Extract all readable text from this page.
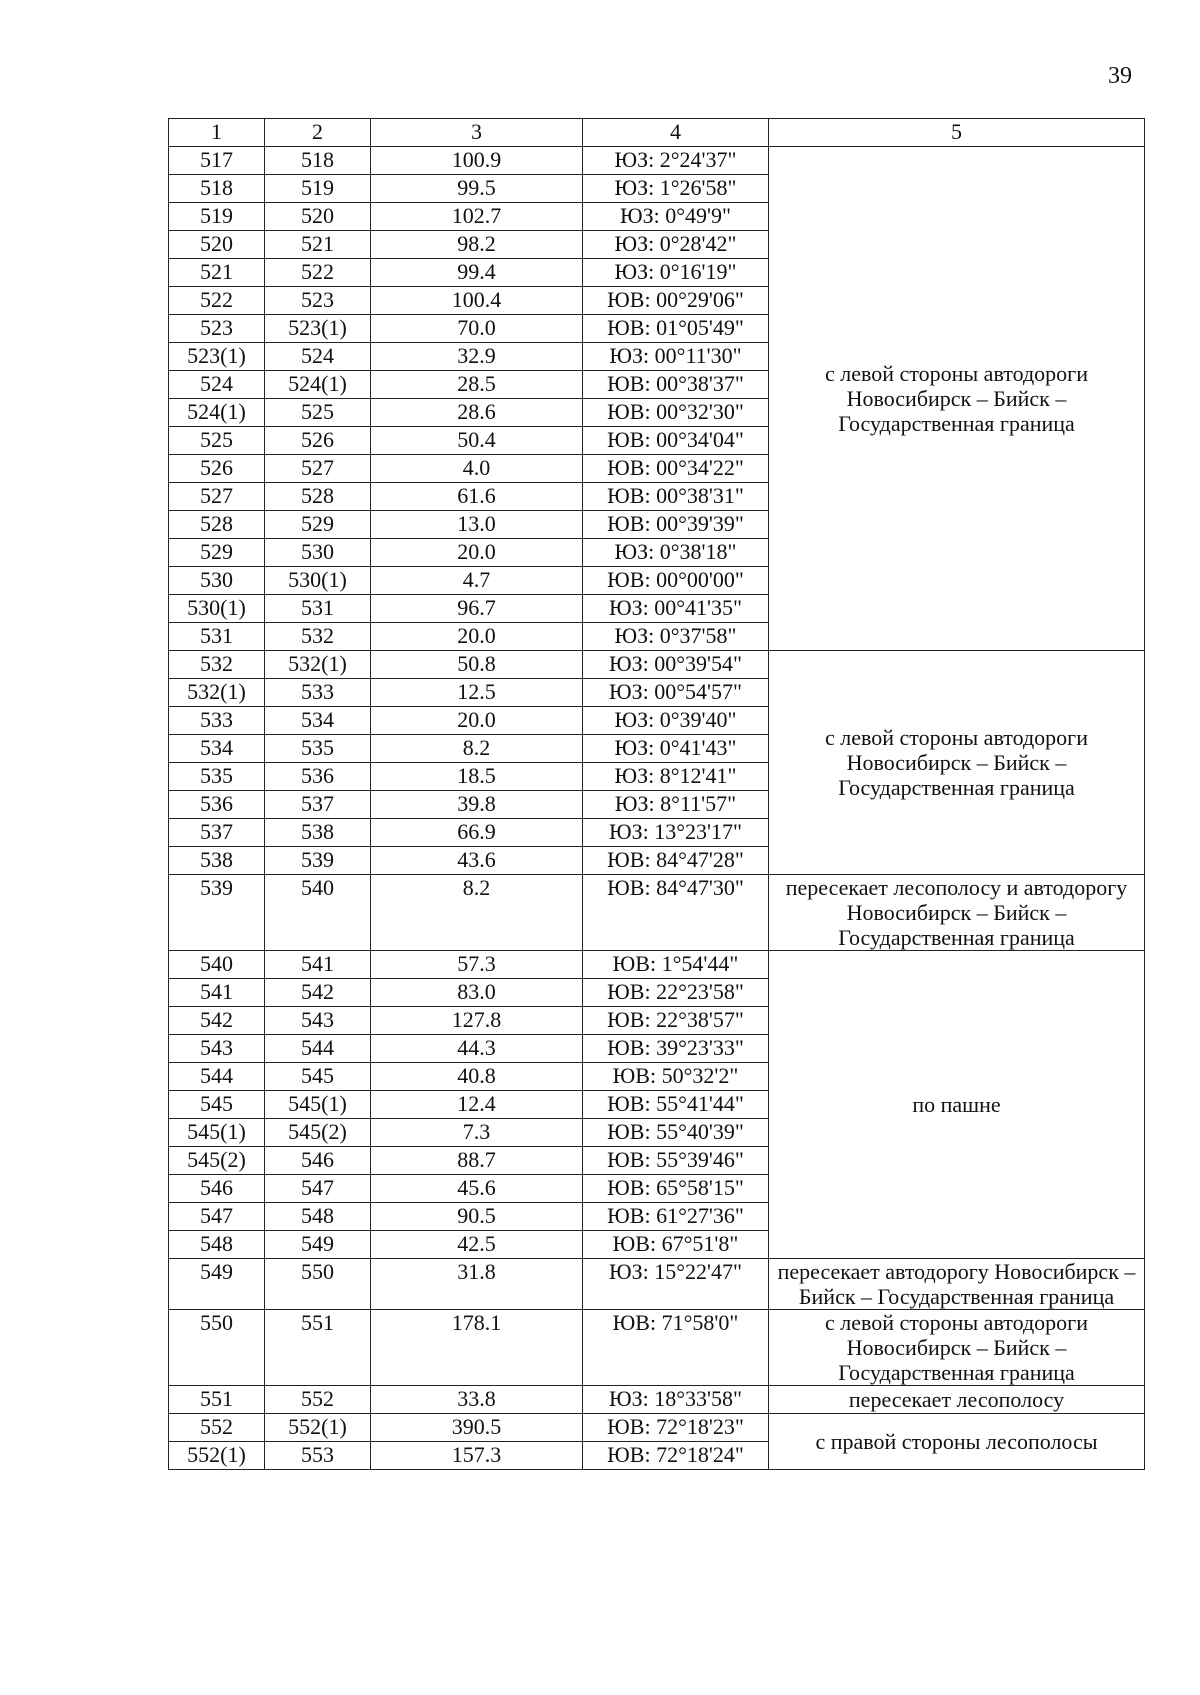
39
1	2	3	4	5
517	518	100.9	ЮЗ: 2°24'37"	с левой стороны автодороги Новосибирск – Бийск – Государственная граница
518	519	99.5	ЮЗ: 1°26'58"	
519	520	102.7	ЮЗ: 0°49'9"	
520	521	98.2	ЮЗ: 0°28'42"	
521	522	99.4	ЮЗ: 0°16'19"	
522	523	100.4	ЮВ: 00°29'06"	
523	523(1)	70.0	ЮВ: 01°05'49"	
523(1)	524	32.9	ЮЗ: 00°11'30"	
524	524(1)	28.5	ЮВ: 00°38'37"	
524(1)	525	28.6	ЮВ: 00°32'30"	
525	526	50.4	ЮВ: 00°34'04"	
526	527	4.0	ЮВ: 00°34'22"	
527	528	61.6	ЮВ: 00°38'31"	
528	529	13.0	ЮВ: 00°39'39"	
529	530	20.0	ЮЗ: 0°38'18"	
530	530(1)	4.7	ЮВ: 00°00'00"	
530(1)	531	96.7	ЮЗ: 00°41'35"	
531	532	20.0	ЮЗ: 0°37'58"	
532	532(1)	50.8	ЮЗ: 00°39'54"	с левой стороны автодороги Новосибирск – Бийск – Государственная граница
532(1)	533	12.5	ЮЗ: 00°54'57"	
533	534	20.0	ЮЗ: 0°39'40"	
534	535	8.2	ЮЗ: 0°41'43"	
535	536	18.5	ЮЗ: 8°12'41"	
536	537	39.8	ЮЗ: 8°11'57"	
537	538	66.9	ЮЗ: 13°23'17"	
538	539	43.6	ЮВ: 84°47'28"	
539	540	8.2	ЮВ: 84°47'30"	пересекает лесополосу и автодорогу Новосибирск – Бийск – Государственная граница
540	541	57.3	ЮВ: 1°54'44"	по пашне
541	542	83.0	ЮВ: 22°23'58"	
542	543	127.8	ЮВ: 22°38'57"	
543	544	44.3	ЮВ: 39°23'33"	
544	545	40.8	ЮВ: 50°32'2"	
545	545(1)	12.4	ЮВ: 55°41'44"	
545(1)	545(2)	7.3	ЮВ: 55°40'39"	
545(2)	546	88.7	ЮВ: 55°39'46"	
546	547	45.6	ЮВ: 65°58'15"	
547	548	90.5	ЮВ: 61°27'36"	
548	549	42.5	ЮВ: 67°51'8"	
549	550	31.8	ЮЗ: 15°22'47"	пересекает автодорогу Новосибирск – Бийск – Государственная граница
550	551	178.1	ЮВ: 71°58'0"	с левой стороны автодороги Новосибирск – Бийск – Государственная граница
551	552	33.8	ЮЗ: 18°33'58"	пересекает лесополосу
552	552(1)	390.5	ЮВ: 72°18'23"	с правой стороны лесополосы
552(1)	553	157.3	ЮВ: 72°18'24"	
